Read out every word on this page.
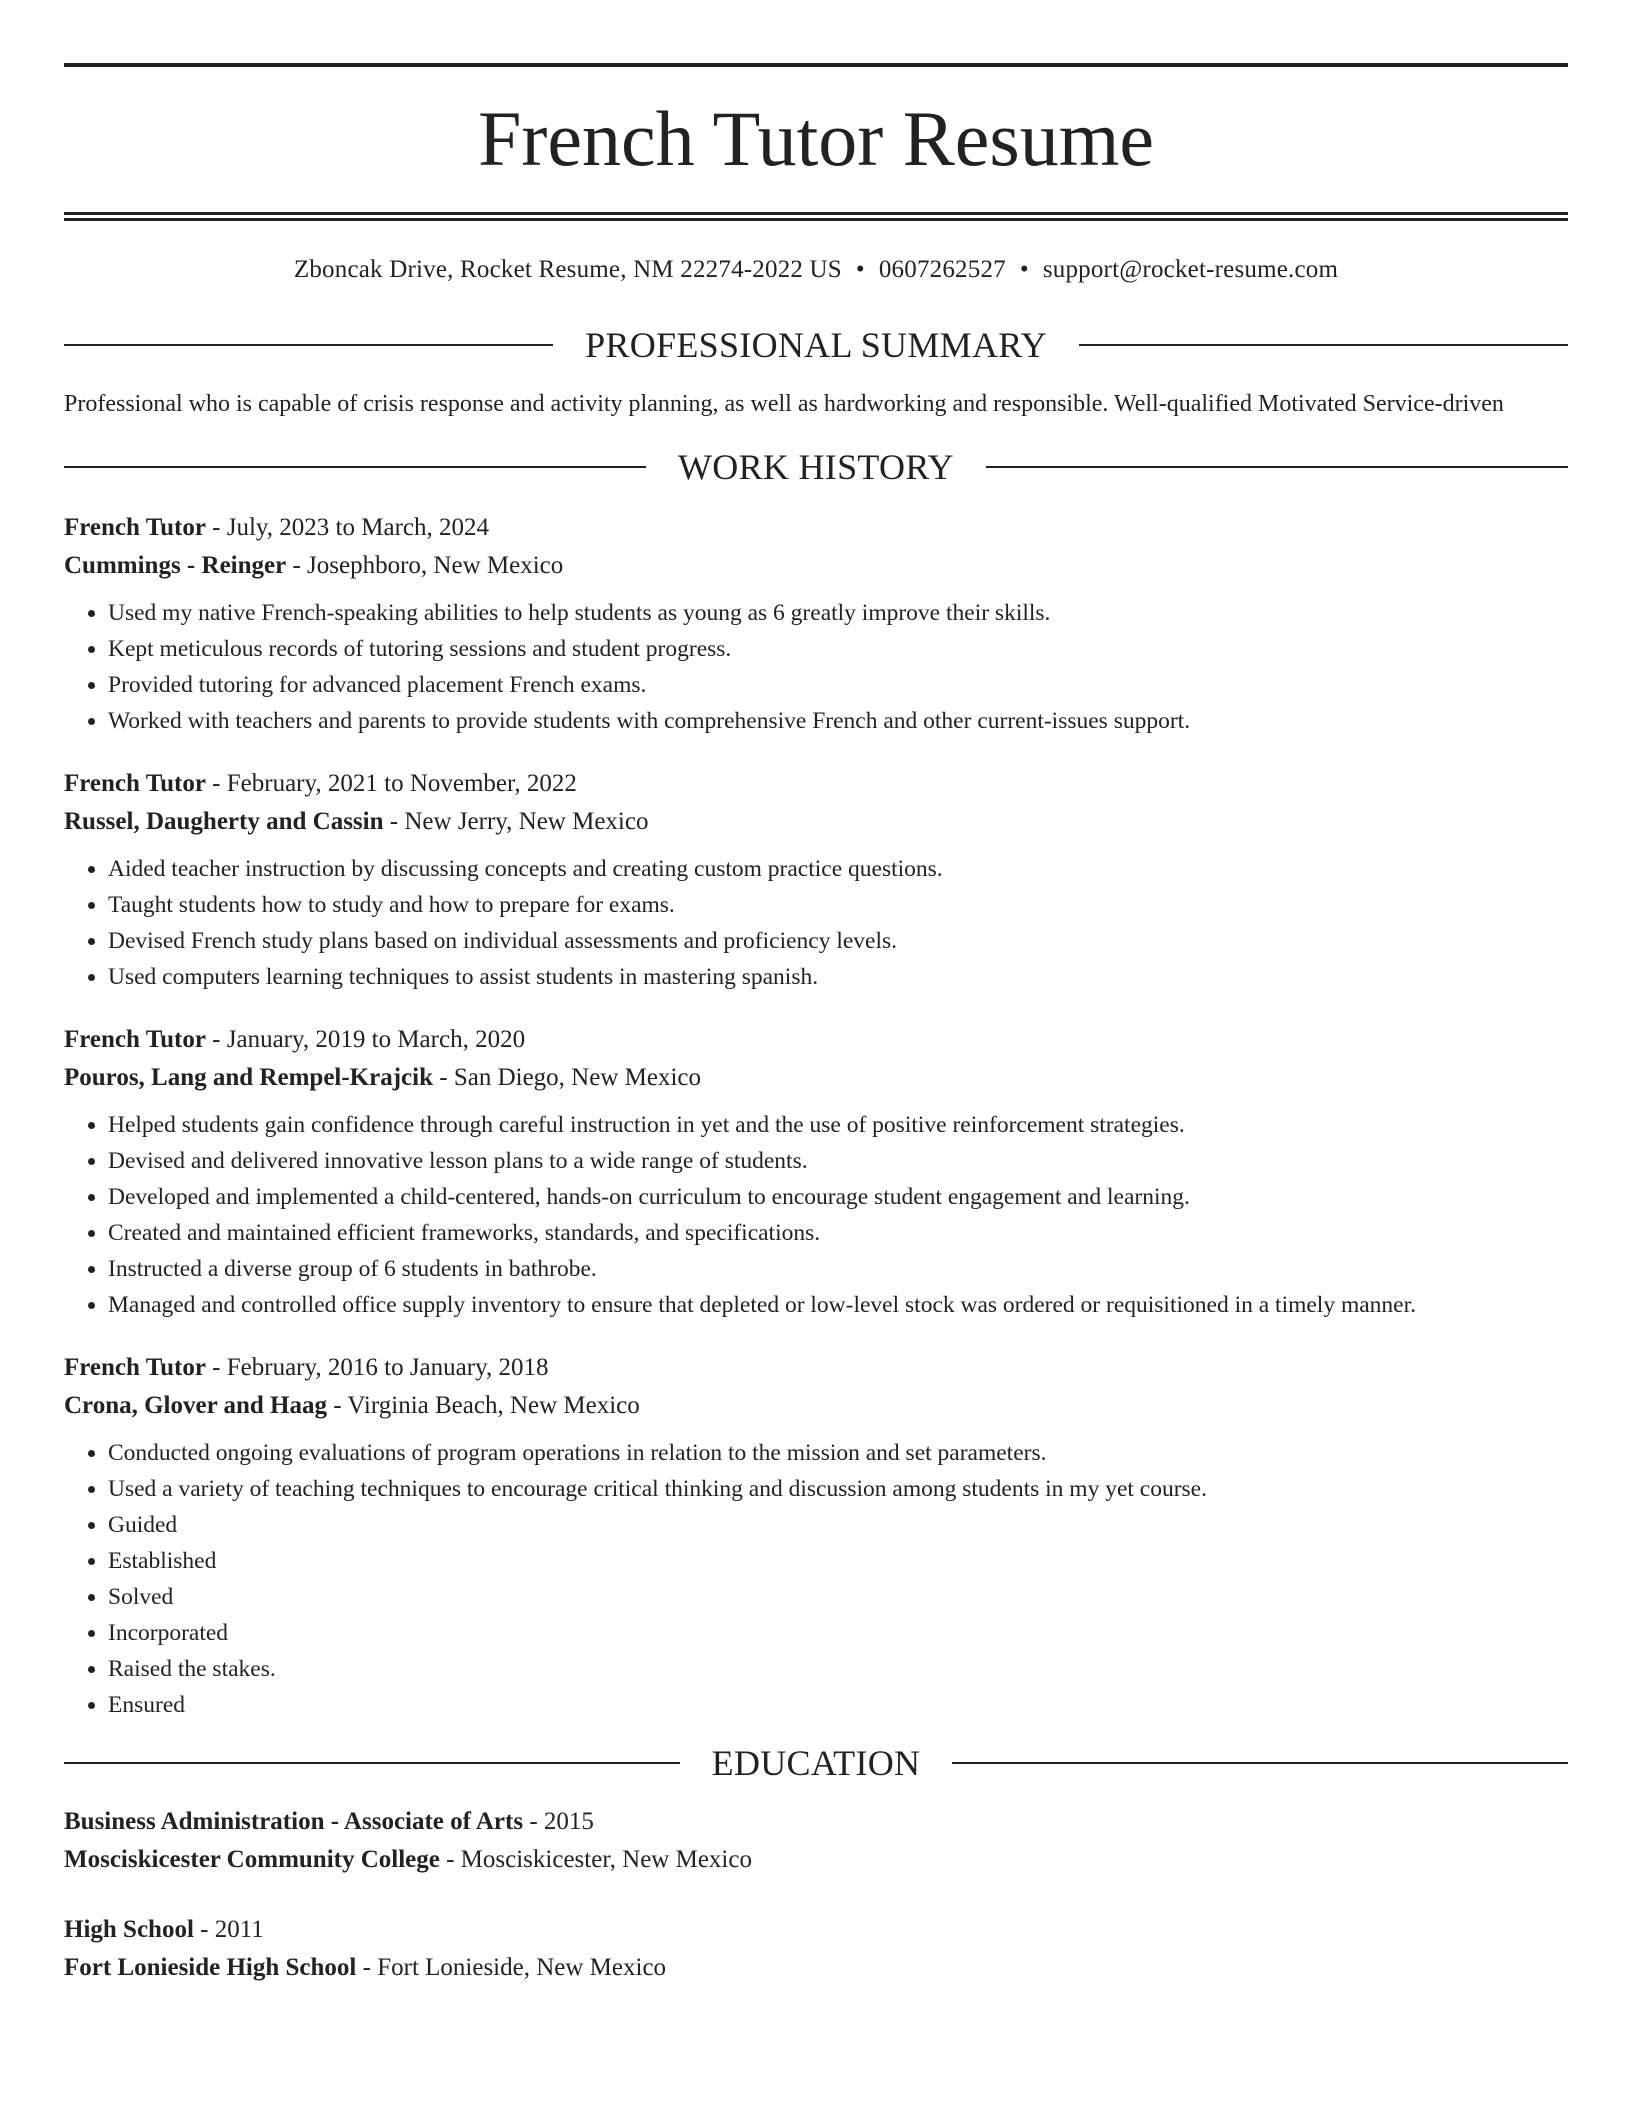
French Tutor Resume
Zboncak Drive, Rocket Resume, NM 22274-2022 US • 0607262527 • support@rocket-resume.com
PROFESSIONAL SUMMARY
Professional who is capable of crisis response and activity planning, as well as hardworking and responsible. Well-qualified Motivated Service-driven
WORK HISTORY
French Tutor - July, 2023 to March, 2024
Cummings - Reinger - Josephboro, New Mexico
• Used my native French-speaking abilities to help students as young as 6 greatly improve their skills.
• Kept meticulous records of tutoring sessions and student progress.
• Provided tutoring for advanced placement French exams.
• Worked with teachers and parents to provide students with comprehensive French and other current-issues support.
French Tutor - February, 2021 to November, 2022
Russel, Daugherty and Cassin - New Jerry, New Mexico
• Aided teacher instruction by discussing concepts and creating custom practice questions.
• Taught students how to study and how to prepare for exams.
• Devised French study plans based on individual assessments and proficiency levels.
• Used computers learning techniques to assist students in mastering spanish.
French Tutor - January, 2019 to March, 2020
Pouros, Lang and Rempel-Krajcik - San Diego, New Mexico
• Helped students gain confidence through careful instruction in yet and the use of positive reinforcement strategies.
• Devised and delivered innovative lesson plans to a wide range of students.
• Developed and implemented a child-centered, hands-on curriculum to encourage student engagement and learning.
• Created and maintained efficient frameworks, standards, and specifications.
• Instructed a diverse group of 6 students in bathrobe.
• Managed and controlled office supply inventory to ensure that depleted or low-level stock was ordered or requisitioned in a timely manner.
French Tutor - February, 2016 to January, 2018
Crona, Glover and Haag - Virginia Beach, New Mexico
• Conducted ongoing evaluations of program operations in relation to the mission and set parameters.
• Used a variety of teaching techniques to encourage critical thinking and discussion among students in my yet course.
• Guided
• Established
• Solved
• Incorporated
• Raised the stakes.
• Ensured
EDUCATION
Business Administration - Associate of Arts - 2015
Mosciskicester Community College - Mosciskicester, New Mexico
High School - 2011
Fort Lonieside High School - Fort Lonieside, New Mexico
